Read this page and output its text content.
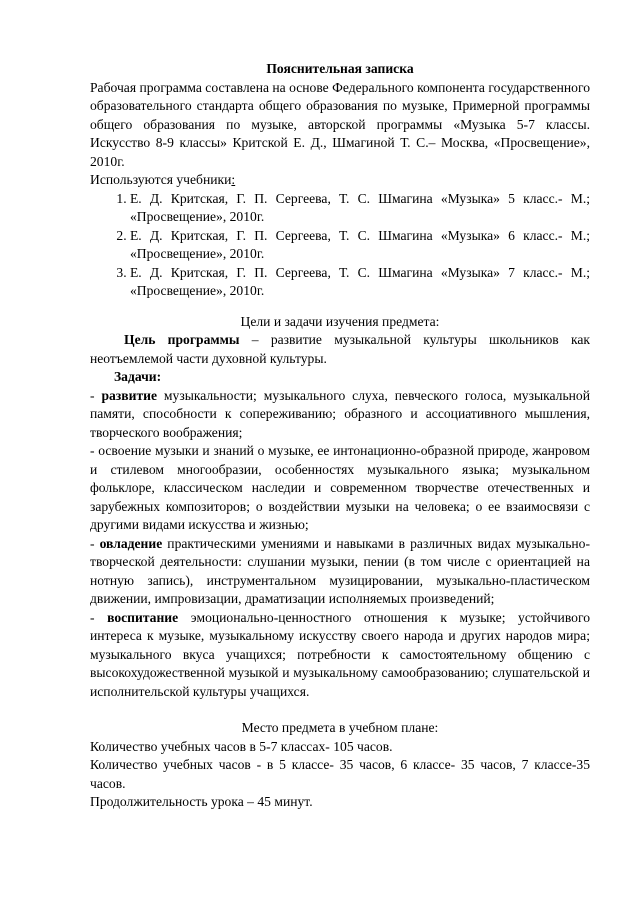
Пояснительная записка

Рабочая программа составлена на основе Федерального компонента государственного образовательного стандарта общего образования по музыке, Примерной программы общего образования по музыке, авторской программы «Музыка 5-7 классы. Искусство 8-9 классы» Критской Е. Д., Шмагиной Т. С.– Москва, «Просвещение», 2010г.

Используются учебники:

1. Е. Д. Критская, Г. П. Сергеева, Т. С. Шмагина «Музыка» 5 класс.- М.; «Просвещение», 2010г.
2. Е. Д. Критская, Г. П. Сергеева, Т. С. Шмагина «Музыка» 6 класс.- М.; «Просвещение», 2010г.
3. Е. Д. Критская, Г. П. Сергеева, Т. С. Шмагина «Музыка» 7 класс.- М.; «Просвещение», 2010г.

Цели и задачи изучения предмета:

Цель программы – развитие музыкальной культуры школьников как неотъемлемой части духовной культуры.

Задачи:

- развитие музыкальности; музыкального слуха, певческого голоса, музыкальной памяти, способности к сопереживанию; образного и ассоциативного мышления, творческого воображения;

- освоение музыки и знаний о музыке, ее интонационно-образной природе, жанровом и стилевом многообразии, особенностях музыкального языка; музыкальном фольклоре, классическом наследии и современном творчестве отечественных и зарубежных композиторов; о воздействии музыки на человека; о ее взаимосвязи с другими видами искусства и жизнью;

- овладение практическими умениями и навыками в различных видах музыкально-творческой деятельности: слушании музыки, пении (в том числе с ориентацией на нотную запись), инструментальном музицировании, музыкально-пластическом движении, импровизации, драматизации исполняемых произведений;

- воспитание эмоционально-ценностного отношения к музыке; устойчивого интереса к музыке, музыкальному искусству своего народа и других народов мира; музыкального вкуса учащихся; потребности к самостоятельному общению с высокохудожественной музыкой и музыкальному самообразованию; слушательской и исполнительской культуры учащихся.

Место предмета в учебном плане:

Количество учебных часов в 5-7 классах- 105 часов.

Количество учебных часов - в 5 классе- 35 часов, 6 классе- 35 часов, 7 классе-35 часов.

Продолжительность урока – 45 минут.
